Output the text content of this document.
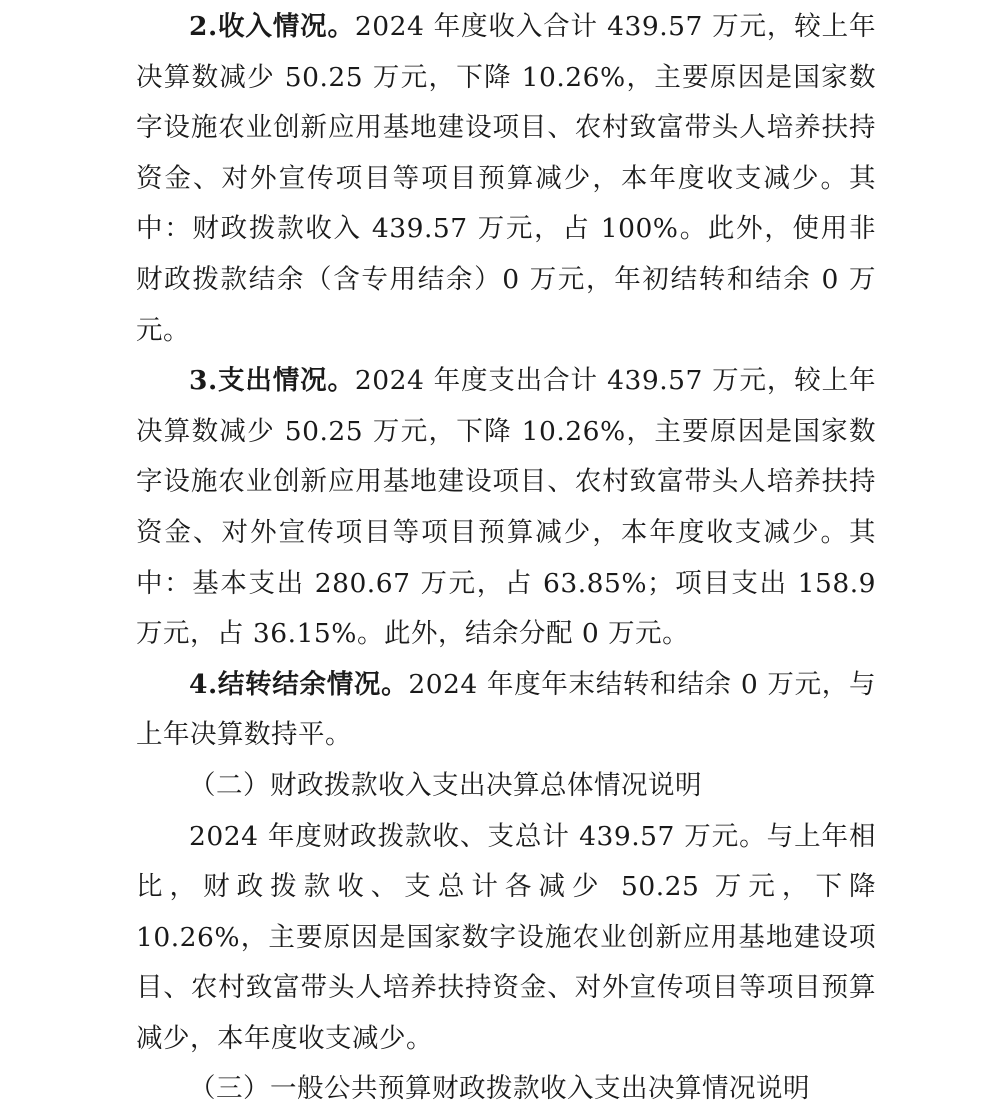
2.收入情况。2024 年度收入合计 439.57 万元，较上年决算数减少 50.25 万元，下降 10.26%，主要原因是国家数字设施农业创新应用基地建设项目、农村致富带头人培养扶持资金、对外宣传项目等项目预算减少，本年度收支减少。其中：财政拨款收入 439.57 万元，占 100%。此外，使用非财政拨款结余（含专用结余）0 万元，年初结转和结余 0 万元。

3.支出情况。2024 年度支出合计 439.57 万元，较上年决算数减少 50.25 万元，下降 10.26%，主要原因是国家数字设施农业创新应用基地建设项目、农村致富带头人培养扶持资金、对外宣传项目等项目预算减少，本年度收支减少。其中：基本支出 280.67 万元，占 63.85%；项目支出 158.9 万元，占 36.15%。此外，结余分配 0 万元。

4.结转结余情况。2024 年度年末结转和结余 0 万元，与上年决算数持平。

（二）财政拨款收入支出决算总体情况说明

2024 年度财政拨款收、支总计 439.57 万元。与上年相比，财政拨款收、支总计各减少 50.25 万元，下降 10.26%，主要原因是国家数字设施农业创新应用基地建设项目、农村致富带头人培养扶持资金、对外宣传项目等项目预算减少，本年度收支减少。

（三）一般公共预算财政拨款收入支出决算情况说明
